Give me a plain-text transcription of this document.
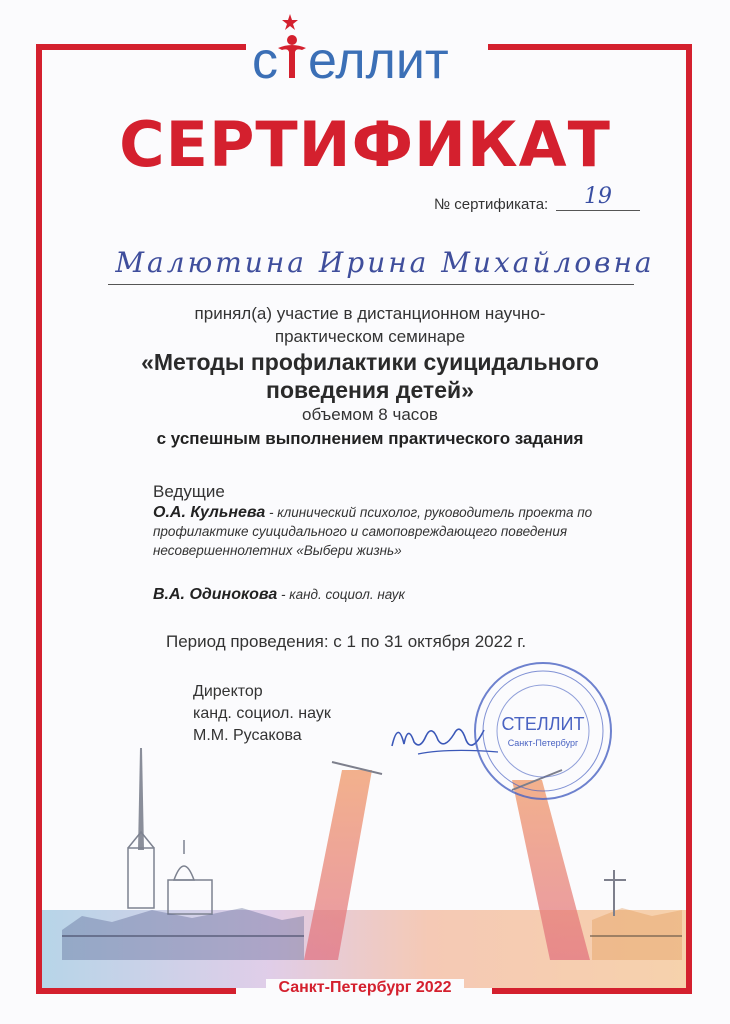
с еллит
СЕРТИФИКАТ
№ сертификата:	19
Малютина Ирина Михайловна
принял(а) участие в дистанционном научно-практическом семинаре
«Методы профилактики суицидального поведения детей»
объемом 8 часов
с успешным выполнением практического задания
Ведущие
О.А. Кульнева - клинический психолог, руководитель проекта по профилактике суицидального и самоповреждающего поведения несовершеннолетних «Выбери жизнь»
В.А. Одинокова - канд. социол. наук
Период проведения: с 1 по 31 октября 2022 г.
Директор
канд. социол. наук
М.М. Русакова
СТЕЛЛИТ
Санкт-Петербург
Санкт-Петербург 2022
